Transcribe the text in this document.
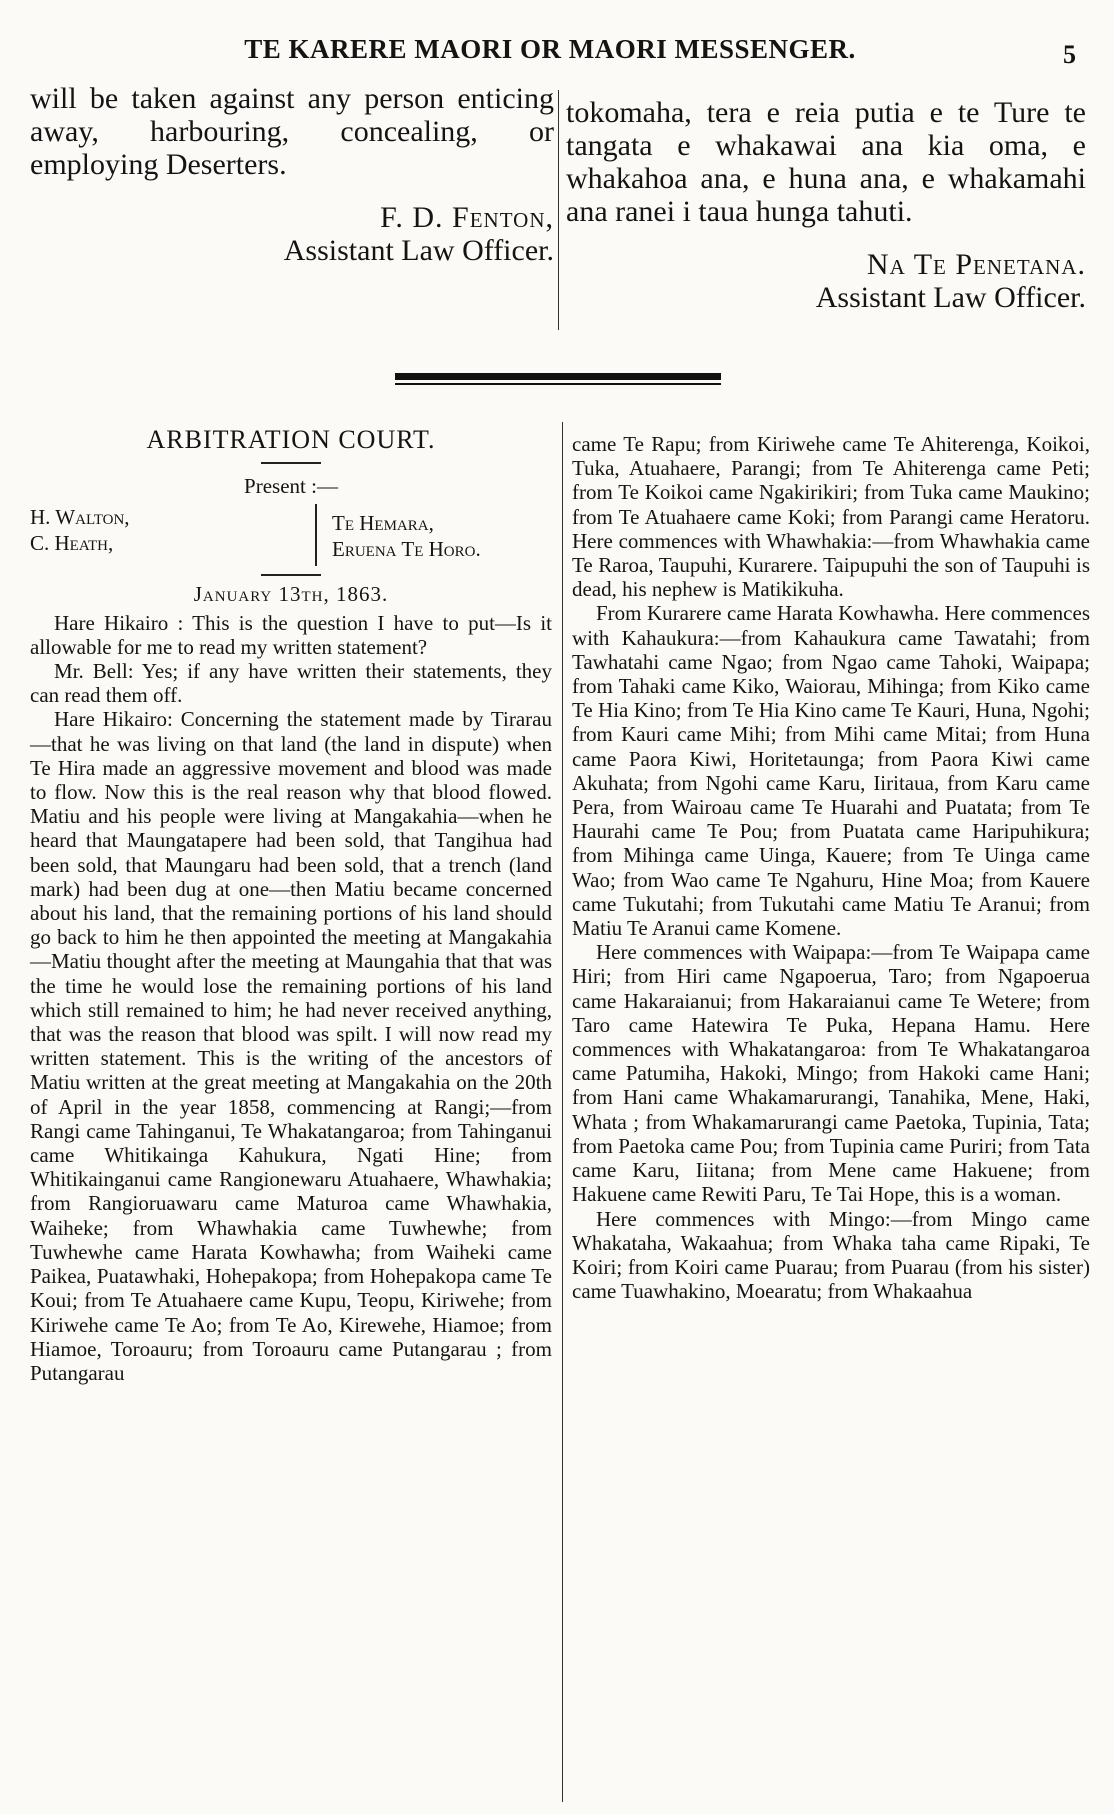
TE KARERE MAORI OR MAORI MESSENGER.	5

will be taken against any person enticing away, harbouring, concealing, or employing Deserters.

F. D. Fenton,
Assistant Law Officer.

tokomaha, tera e reia putia e te Ture te tangata e whakawai ana kia oma, e whakahoa ana, e huna ana, e whakamahi ana ranei i taua hunga tahuti.

Na Te Penetana.
Assistant Law Officer.
ARBITRATION COURT.
Present :—
H. Walton,
C. Heath,
Te Hemara,
Eruena Te Horo.
January 13th, 1863.

Hare Hikairo : This is the question I have to put—Is it allowable for me to read my written statement?

Mr. Bell: Yes; if any have written their statements, they can read them off.

Hare Hikairo: Concerning the statement made by Tirarau—that he was living on that land (the land in dispute) when Te Hira made an aggressive movement and blood was made to flow. Now this is the real reason why that blood flowed. Matiu and his people were living at Mangakahia—when he heard that Maungatapere had been sold, that Tangihua had been sold, that Maungaru had been sold, that a trench (land mark) had been dug at one—then Matiu became concerned about his land, that the remaining portions of his land should go back to him he then appointed the meeting at Mangakahia—Matiu thought after the meeting at Maungahia that that was the time he would lose the remaining portions of his land which still remained to him; he had never received anything, that was the reason that blood was spilt. I will now read my written statement. This is the writing of the ancestors of Matiu written at the great meeting at Mangakahia on the 20th of April in the year 1858, commencing at Rangi;—from Rangi came Tahinganui, Te Whakatangaroa; from Tahinganui came Whitikainga Kahukura, Ngati Hine; from Whitikainganui came Rangionewaru Atuahaere, Whawhakia; from Rangioruawaru came Maturoa came Whawhakia, Waiheke; from Whawhakia came Tuwhewhe; from Tuwhewhe came Harata Kowhawha; from Waiheki came Paikea, Puatawhaki, Hohepakopa; from Hohepakopa came Te Koui; from Te Atuahaere came Kupu, Teopu, Kiriwehe; from Kiriwehe came Te Ao; from Te Ao, Kirewehe, Hiamoe; from Hiamoe, Toroauru; from Toroauru came Putangarau ; from Putangarau

came Te Rapu; from Kiriwehe came Te Ahiterenga, Koikoi, Tuka, Atuahaere, Parangi; from Te Ahiterenga came Peti; from Te Koikoi came Ngakirikiri; from Tuka came Maukino; from Te Atuahaere came Koki; from Parangi came Heratoru. Here commences with Whawhakia:—from Whawhakia came Te Raroa, Taupuhi, Kurarere. Taipupuhi the son of Taupuhi is dead, his nephew is Matikikuha.

From Kurarere came Harata Kowhawha. Here commences with Kahaukura:—from Kahaukura came Tawatahi; from Tawhatahi came Ngao; from Ngao came Tahoki, Waipapa; from Tahaki came Kiko, Waiorau, Mihinga; from Kiko came Te Hia Kino; from Te Hia Kino came Te Kauri, Huna, Ngohi; from Kauri came Mihi; from Mihi came Mitai; from Huna came Paora Kiwi, Horitetaunga; from Paora Kiwi came Akuhata; from Ngohi came Karu, Iiritaua, from Karu came Pera, from Wairoau came Te Huarahi and Puatata; from Te Haurahi came Te Pou; from Puatata came Haripuhikura; from Mihinga came Uinga, Kauere; from Te Uinga came Wao; from Wao came Te Ngahuru, Hine Moa; from Kauere came Tukutahi; from Tukutahi came Matiu Te Aranui; from Matiu Te Aranui came Komene.

Here commences with Waipapa:—from Te Waipapa came Hiri; from Hiri came Ngapoerua, Taro; from Ngapoerua came Hakaraianui; from Hakaraianui came Te Wetere; from Taro came Hatewira Te Puka, Hepana Hamu. Here commences with Whakatangaroa: from Te Whakatangaroa came Patumiha, Hakoki, Mingo; from Hakoki came Hani; from Hani came Whakamarurangi, Tanahika, Mene, Haki, Whata ; from Whakamarurangi came Paetoka, Tupinia, Tata; from Paetoka came Pou; from Tupinia came Puriri; from Tata came Karu, Iiitana; from Mene came Hakuene; from Hakuene came Rewiti Paru, Te Tai Hope, this is a woman.

Here commences with Mingo:—from Mingo came Whakataha, Wakaahua; from Whaka taha came Ripaki, Te Koiri; from Koiri came Puarau; from Puarau (from his sister) came Tuawhakino, Moearatu; from Whakaahua
